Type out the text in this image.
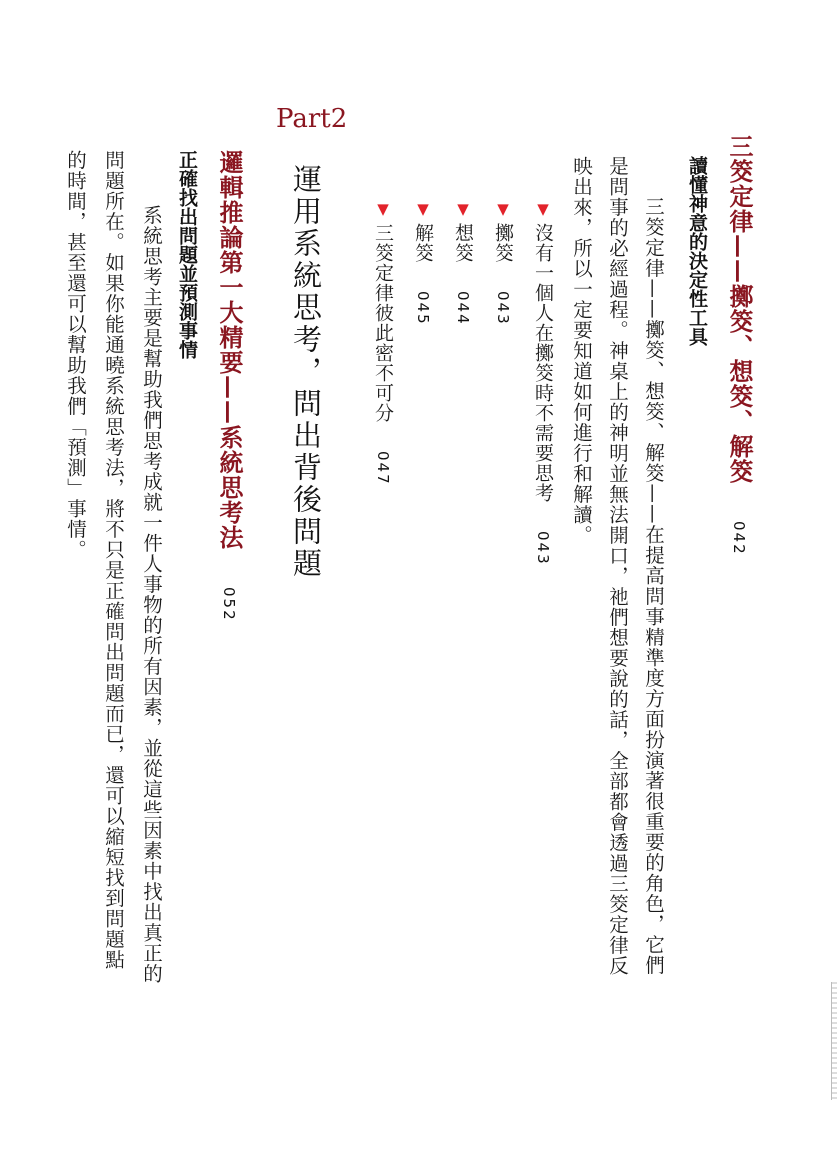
三筊定律——擲筊、想筊、解筊 042
讀懂神意的決定性工具
　三筊定律——擲筊、想筊、解筊——在提高問事精準度方面扮演著很重要的角色，它們
是問事的必經過程。神桌上的神明並無法開口，祂們想要說的話，全部都會透過三筊定律反
映出來，所以一定要知道如何進行和解讀。
▼沒有一個人在擲筊時不需要思考043
▼擲筊043
▼想筊044
▼解筊045
▼三筊定律彼此密不可分047
Part2
運用系統思考，問出背後問題
邏輯推論第一大精要——系統思考法 052
正確找出問題並預測事情
　　系統思考主要是幫助我們思考成就一件人事物的所有因素，並從這些因素中找出真正的
問題所在。如果你能通曉系統思考法，將不只是正確問出問題而已，還可以縮短找到問題點
的時間，甚至還可以幫助我們「預測」事情。
